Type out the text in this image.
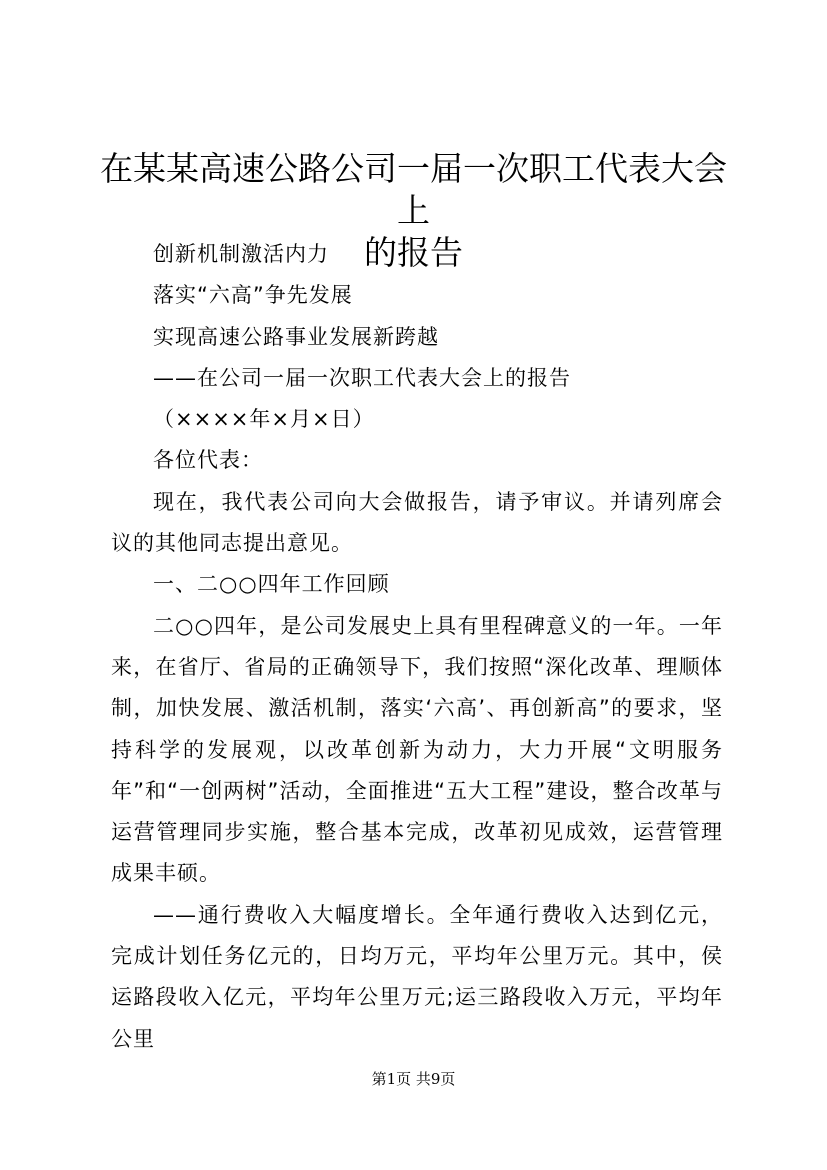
在某某高速公路公司一届一次职工代表大会上
的报告

创新机制激活内力

落实“六高”争先发展

实现高速公路事业发展新跨越

——在公司一届一次职工代表大会上的报告

（××××年×月×日）

各位代表：

现在，我代表公司向大会做报告，请予审议。并请列席会议的其他同志提出意见。

一、二○○四年工作回顾

二○○四年，是公司发展史上具有里程碑意义的一年。一年来，在省厅、省局的正确领导下，我们按照“深化改革、理顺体制，加快发展、激活机制，落实‘六高’、再创新高”的要求，坚持科学的发展观，以改革创新为动力，大力开展“文明服务年”和“一创两树”活动，全面推进“五大工程”建设，整合改革与运营管理同步实施，整合基本完成，改革初见成效，运营管理成果丰硕。

——通行费收入大幅度增长。全年通行费收入达到亿元，完成计划任务亿元的，日均万元，平均年公里万元。其中，侯运路段收入亿元，平均年公里万元;运三路段收入万元，平均年公里

第1页 共9页
